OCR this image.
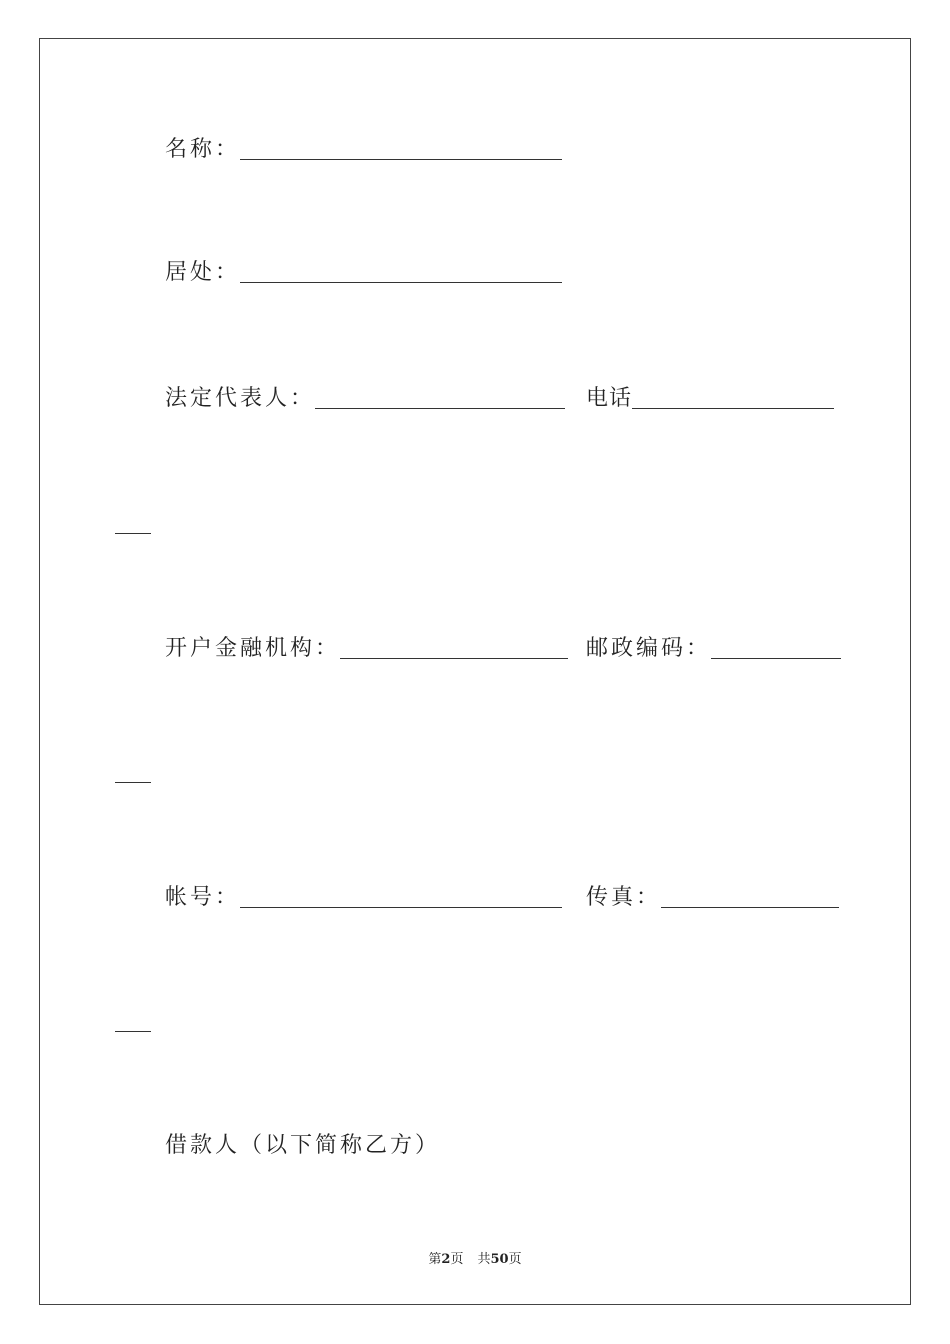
名称：
居处：
法定代表人：	电话
开户金融机构：	邮政编码：
帐号：	传真：
借款人（以下简称乙方）
第2页 共50页
